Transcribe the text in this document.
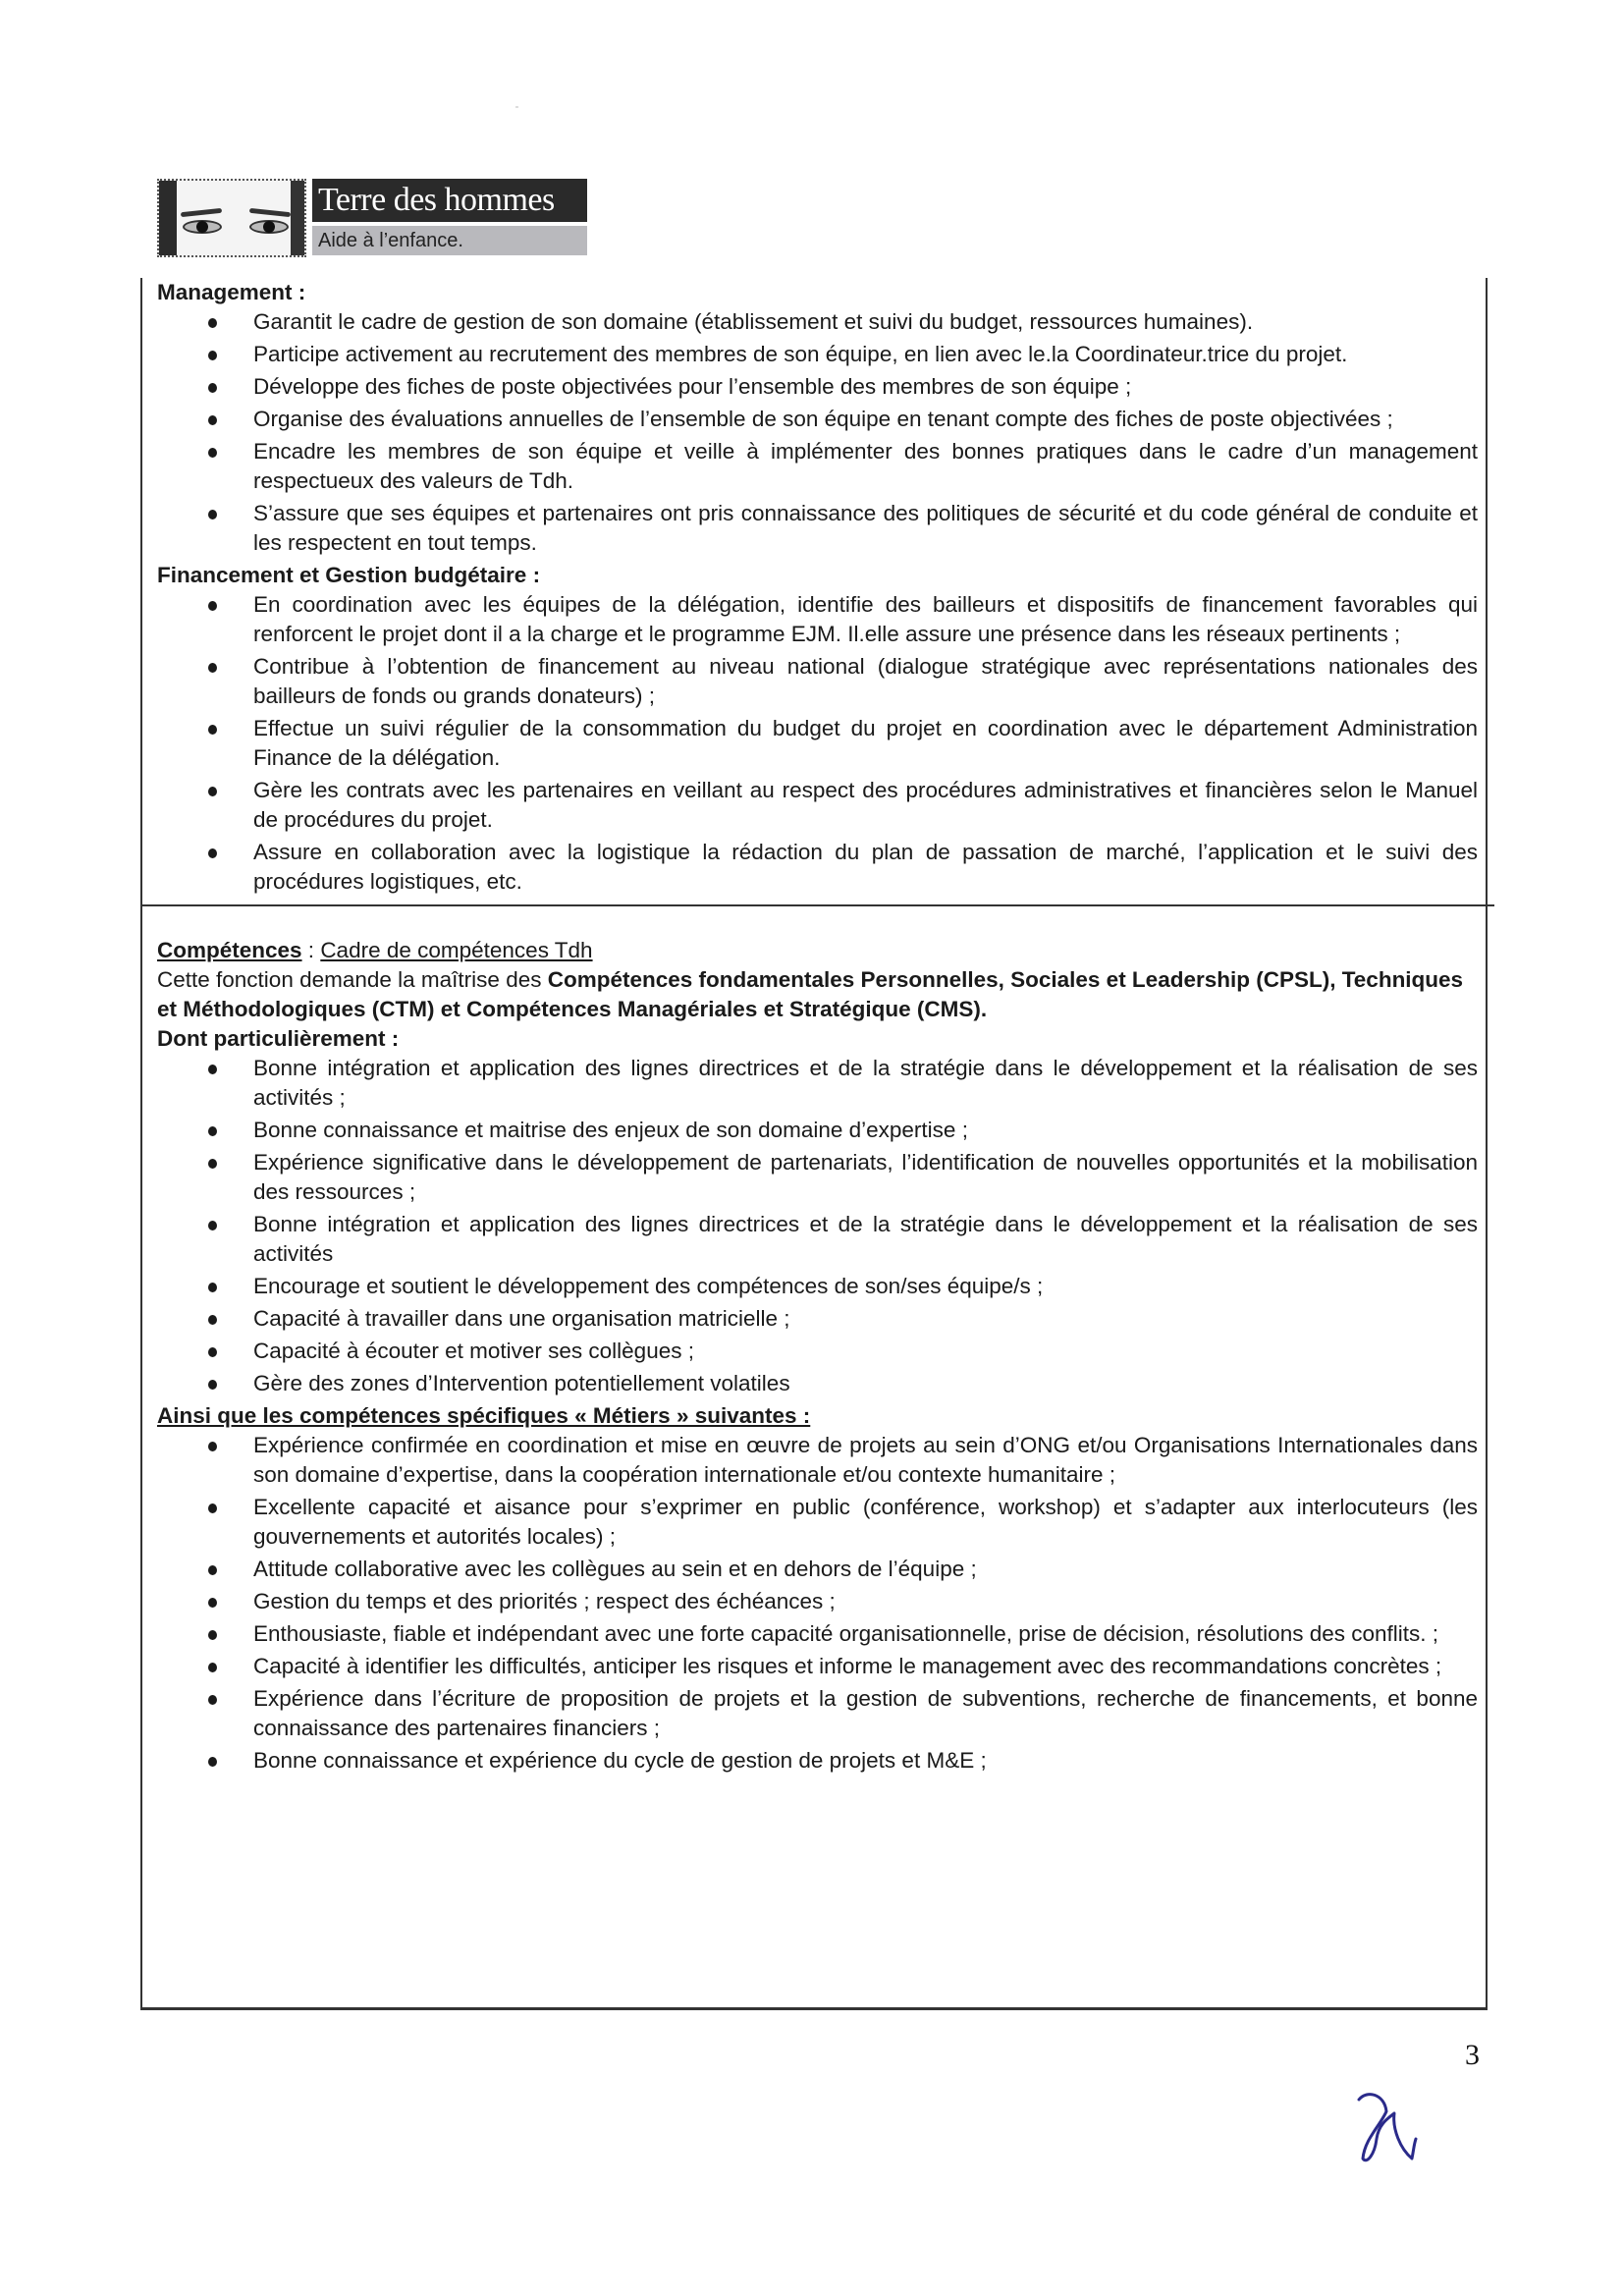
Terre des hommes
Aide à l’enfance.

Management :

Garantit le cadre de gestion de son domaine (établissement et suivi du budget, ressources humaines).
Participe activement au recrutement des membres de son équipe, en lien avec le.la Coordinateur.trice du projet.
Développe des fiches de poste objectivées pour l’ensemble des membres de son équipe ;
Organise des évaluations annuelles de l’ensemble de son équipe en tenant compte des fiches de poste objectivées ;
Encadre les membres de son équipe et veille à implémenter des bonnes pratiques dans le cadre d’un management respectueux des valeurs de Tdh.
S’assure que ses équipes et partenaires ont pris connaissance des politiques de sécurité et du code général de conduite et les respectent en tout temps.

Financement et Gestion budgétaire :

En coordination avec les équipes de la délégation, identifie des bailleurs et dispositifs de financement favorables qui renforcent le projet dont il a la charge et le programme EJM. Il.elle assure une présence dans les réseaux pertinents ;
Contribue à l’obtention de financement au niveau national (dialogue stratégique avec représentations nationales des bailleurs de fonds ou grands donateurs) ;
Effectue un suivi régulier de la consommation du budget du projet en coordination avec le département Administration Finance de la délégation.
Gère les contrats avec les partenaires en veillant au respect des procédures administratives et financières selon le Manuel de procédures du projet.
Assure en collaboration avec la logistique la rédaction du plan de passation de marché, l’application et le suivi des procédures logistiques, etc.

Compétences : Cadre de compétences Tdh

Cette fonction demande la maîtrise des Compétences fondamentales Personnelles, Sociales et Leadership (CPSL), Techniques et Méthodologiques (CTM) et Compétences Managériales et Stratégique (CMS).

Dont particulièrement :

Bonne intégration et application des lignes directrices et de la stratégie dans le développement et la réalisation de ses activités ;
Bonne connaissance et maitrise des enjeux de son domaine d’expertise ;
Expérience significative dans le développement de partenariats, l’identification de nouvelles opportunités et la mobilisation des ressources ;
Bonne intégration et application des lignes directrices et de la stratégie dans le développement et la réalisation de ses activités
Encourage et soutient le développement des compétences de son/ses équipe/s ;
Capacité à travailler dans une organisation matricielle ;
Capacité à écouter et motiver ses collègues ;
Gère des zones d’Intervention potentiellement volatiles

Ainsi que les compétences spécifiques « Métiers » suivantes :

Expérience confirmée en coordination et mise en œuvre de projets au sein d’ONG et/ou Organisations Internationales dans son domaine d’expertise, dans la coopération internationale et/ou contexte humanitaire ;
Excellente capacité et aisance pour s’exprimer en public (conférence, workshop) et s’adapter aux interlocuteurs (les gouvernements et autorités locales) ;
Attitude collaborative avec les collègues au sein et en dehors de l’équipe ;
Gestion du temps et des priorités ; respect des échéances ;
Enthousiaste, fiable et indépendant avec une forte capacité organisationnelle, prise de décision, résolutions des conflits. ;
Capacité à identifier les difficultés, anticiper les risques et informe le management avec des recommandations concrètes ;
Expérience dans l’écriture de proposition de projets et la gestion de subventions, recherche de financements, et bonne connaissance des partenaires financiers ;
Bonne connaissance et expérience du cycle de gestion de projets et M&E ;
3
